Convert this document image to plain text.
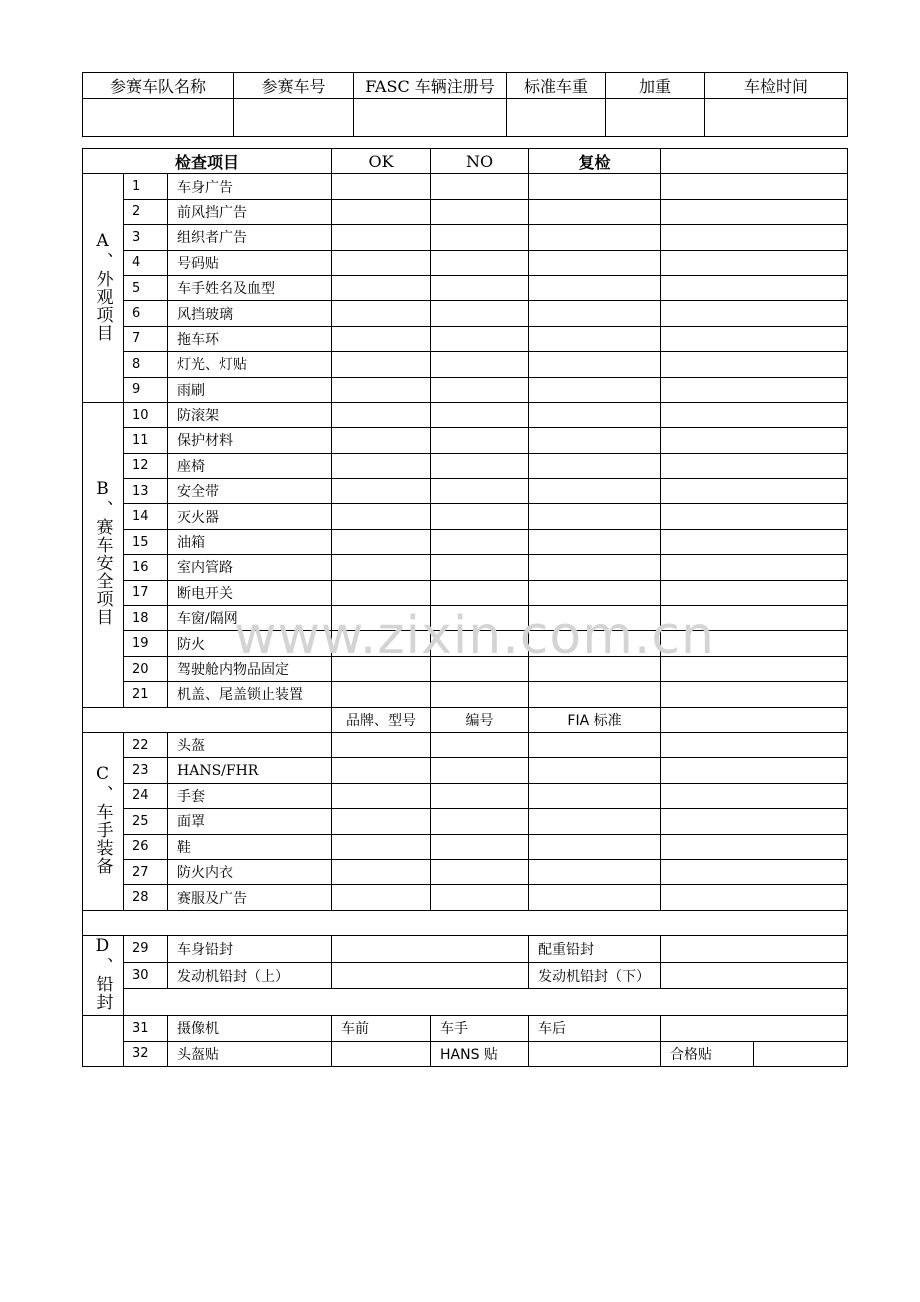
参赛车队名称	参赛车号	FASC 车辆注册号	标准车重	加重	车检时间

检查项目			OK	NO	复检		
A、外观项目	1	车身广告					
	2	前风挡广告					
	3	组织者广告					
	4	号码贴					
	5	车手姓名及血型					
	6	风挡玻璃					
	7	拖车环					
	8	灯光、灯贴					
	9	雨刷					
B、赛车安全项目	10	防滚架					
	11	保护材料					
	12	座椅					
	13	安全带					
	14	灭火器					
	15	油箱					
	16	室内管路					
	17	断电开关					
	18	车窗/隔网					
	19	防火					
	20	驾驶舱内物品固定					
	21	机盖、尾盖锁止装置					
			品牌、型号	编号	FIA 标准		
C、车手装备	22	头盔					
	23	HANS/FHR					
	24	手套					
	25	面罩					
	26	鞋					
	27	防火内衣					
	28	赛服及广告					

D、铅封	29	车身铅封			配重铅封		
	30	发动机铅封（上）			发动机铅封（下）		

	31	摄像机	车前	车手	车后		
	32	头盔贴		HANS 贴		合格贴	
www.zixin.com.cn
